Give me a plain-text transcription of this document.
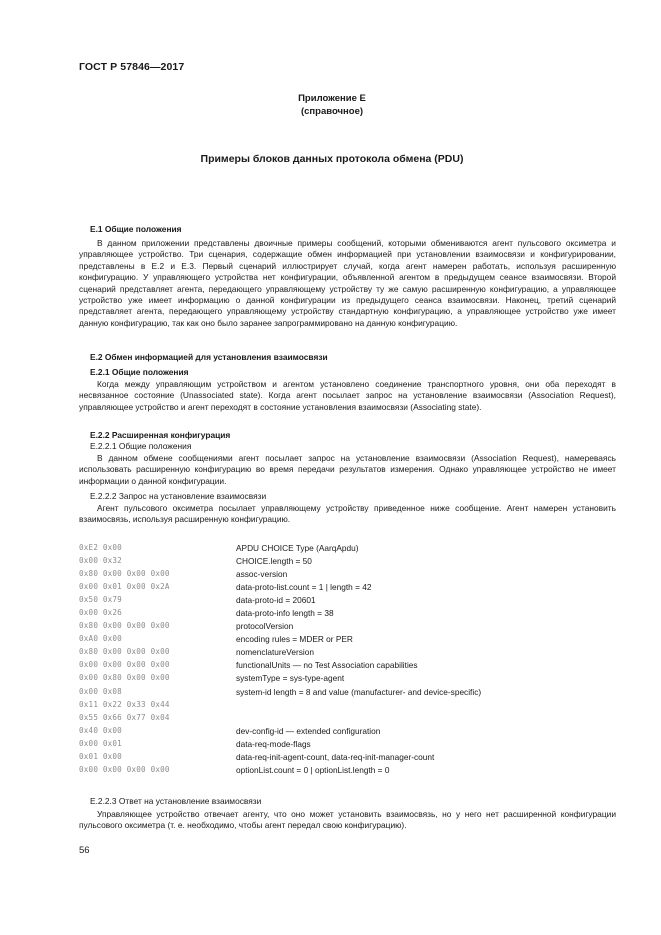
ГОСТ Р 57846—2017
Приложение Е
(справочное)
Примеры блоков данных протокола обмена (PDU)
Е.1 Общие положения

В данном приложении представлены двоичные примеры сообщений, которыми обмениваются агент пульсового оксиметра и управляющее устройство. Три сценария, содержащие обмен информацией при установлении взаимосвязи и конфигурировании, представлены в Е.2 и Е.3. Первый сценарий иллюстрирует случай, когда агент намерен работать, используя расширенную конфигурацию. У управляющего устройства нет конфигурации, объявленной агентом в предыдущем сеансе взаимосвязи. Второй сценарий представляет агента, передающего управляющему устройству ту же самую расширенную конфигурацию, а управляющее устройство уже имеет информацию о данной конфигурации из предыдущего сеанса взаимосвязи. Наконец, третий сценарий представляет агента, передающего управляющему устройству стандартную конфигурацию, а управляющее устройство уже имеет данную конфигурацию, так как оно было заранее запрограммировано на данную конфигурацию.

Е.2 Обмен информацией для установления взаимосвязи
Е.2.1 Общие положения

Когда между управляющим устройством и агентом установлено соединение транспортного уровня, они оба переходят в несвязанное состояние (Unassociated state). Когда агент посылает запрос на установление взаимосвязи (Association Request), управляющее устройство и агент переходят в состояние установления взаимосвязи (Associating state).

Е.2.2 Расширенная конфигурация
Е.2.2.1 Общие положения

В данном обмене сообщениями агент посылает запрос на установление взаимосвязи (Association Request), намереваясь использовать расширенную конфигурацию во время передачи результатов измерения. Однако управляющее устройство не имеет информации о данной конфигурации.

Е.2.2.2 Запрос на установление взаимосвязи

Агент пульсового оксиметра посылает управляющему устройству приведенное ниже сообщение. Агент намерен установить взаимосвязь, используя расширенную конфигурацию.

0xE2 0x00	APDU CHOICE Type (AarqApdu)
0x00 0x32	CHOICE.length = 50
0x80 0x00 0x00 0x00	assoc-version
0x00 0x01 0x00 0x2A	data-proto-list.count = 1 | length = 42
0x50 0x79	data-proto-id = 20601
0x00 0x26	data-proto-info length = 38
0x80 0x00 0x00 0x00	protocolVersion
0xA0 0x00	encoding rules = MDER or PER
0x80 0x00 0x00 0x00	nomenclatureVersion
0x00 0x00 0x00 0x00	functionalUnits — no Test Association capabilities
0x00 0x80 0x00 0x00	systemType = sys-type-agent
0x00 0x08	system-id length = 8 and value (manufacturer- and device-specific)
0x11 0x22 0x33 0x44
0x55 0x66 0x77 0x04
0x40 0x00	dev-config-id — extended configuration
0x00 0x01	data-req-mode-flags
0x01 0x00	data-req-init-agent-count, data-req-init-manager-count
0x00 0x00 0x00 0x00	optionList.count = 0 | optionList.length = 0
Е.2.2.3 Ответ на установление взаимосвязи

Управляющее устройство отвечает агенту, что оно может установить взаимосвязь, но у него нет расширенной конфигурации пульсового оксиметра (т. е. необходимо, чтобы агент передал свою конфигурацию).

56
